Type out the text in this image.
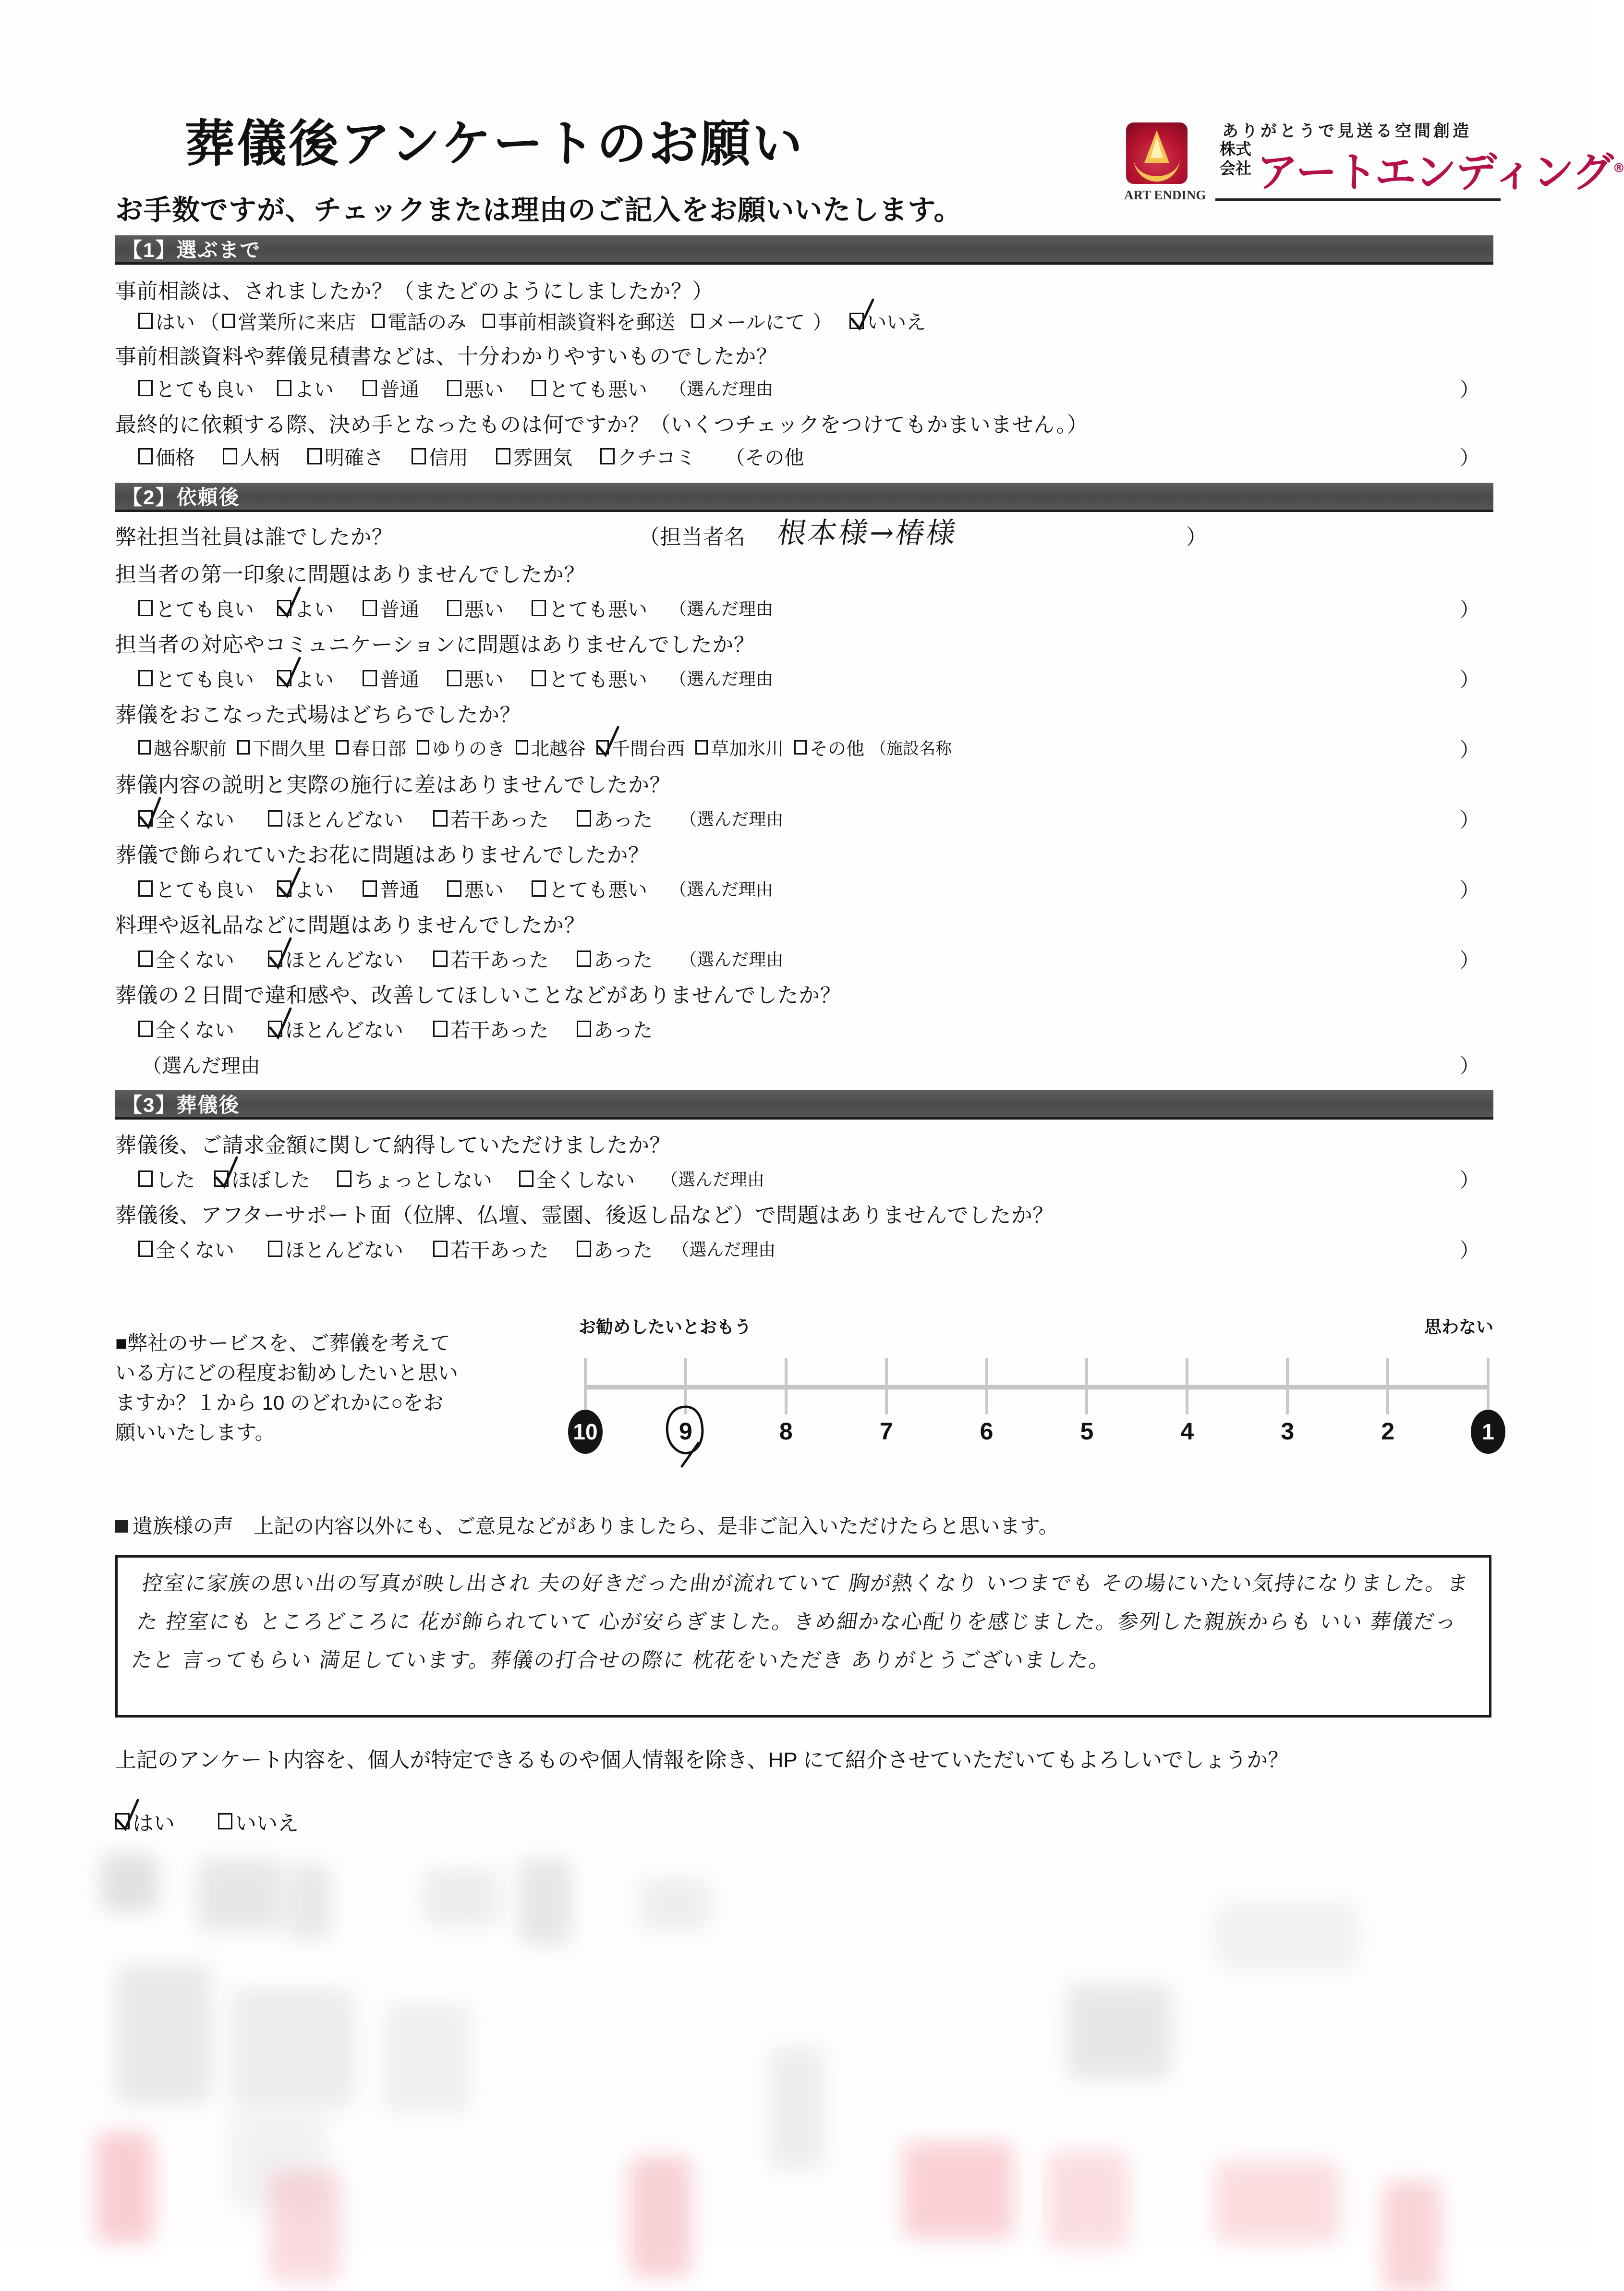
葬儀後アンケートのお願い
お手数ですが、チェックまたは理由のご記入をお願いいたします。	ART ENDING
ありがとうで見送る空間創造
株式会社 アートエンディング®
【1】選ぶまで
事前相談は、されましたか？（またどのようにしましたか？）
はい （ 営業所に来店 電話のみ 事前相談資料を郵送 メールにて ） いいえ
事前相談資料や葬儀見積書などは、十分わかりやすいものでしたか？
とても良い よい 普通 悪い とても悪い （選んだ理由	）
最終的に依頼する際、決め手となったものは何ですか？（いくつチェックをつけてもかまいません。）
価格 人柄 明確さ 信用 雰囲気 クチコミ （その他	）
【2】依頼後
弊社担当社員は誰でしたか？	（担当者名 根本様→椿様	）
担当者の第一印象に問題はありませんでしたか？
とても良い よい 普通 悪い とても悪い （選んだ理由	）
担当者の対応やコミュニケーションに問題はありませんでしたか？
とても良い よい 普通 悪い とても悪い （選んだ理由	）
葬儀をおこなった式場はどちらでしたか？
越谷駅前 下間久里 春日部 ゆりのき 北越谷 千間台西 草加氷川 その他 （施設名称	）
葬儀内容の説明と実際の施行に差はありませんでしたか？
全くない	ほとんどない 若干あった あった （選んだ理由	）
葬儀で飾られていたお花に問題はありませんでしたか？
とても良い よい 普通 悪い とても悪い （選んだ理由	）
料理や返礼品などに問題はありませんでしたか？
全くない	ほとんどない 若干あった あった （選んだ理由	）
葬儀の２日間で違和感や、改善してほしいことなどがありませんでしたか？
全くない	ほとんどない 若干あった あった
（選んだ理由	）
【3】葬儀後
葬儀後、ご請求金額に関して納得していただけましたか？
した ほぼした ちょっとしない 全くしない （選んだ理由	）
葬儀後、アフターサポート面（位牌、仏壇、霊園、後返し品など）で問題はありませんでしたか？
全くない	ほとんどない 若干あった あった （選んだ理由	）
■弊社のサービスを、ご葬儀を考えている方にどの程度お勧めしたいと思いますか？１から 10 のどれかに○をお願いいたします。
お勧めしたいとおもう	思わない
10	9	8	7	6	5	4	3	2	1
遺族様の声　上記の内容以外にも、ご意見などがありましたら、是非ご記入いただけたらと思います。
控室に家族の思い出の写真が映し出され 夫の好きだった曲が流れていて 胸が熱くなり いつまでも その場にいたい気持になりました。また 控室にも ところどころに 花が飾られていて 心が安らぎました。きめ細かな心配りを感じました。参列した親族からも いい 葬儀だったと 言ってもらい 満足しています。葬儀の打合せの際に 枕花をいただき ありがとうございました。
上記のアンケート内容を、個人が特定できるものや個人情報を除き、HP にて紹介させていただいてもよろしいでしょうか？
はい	いいえ
